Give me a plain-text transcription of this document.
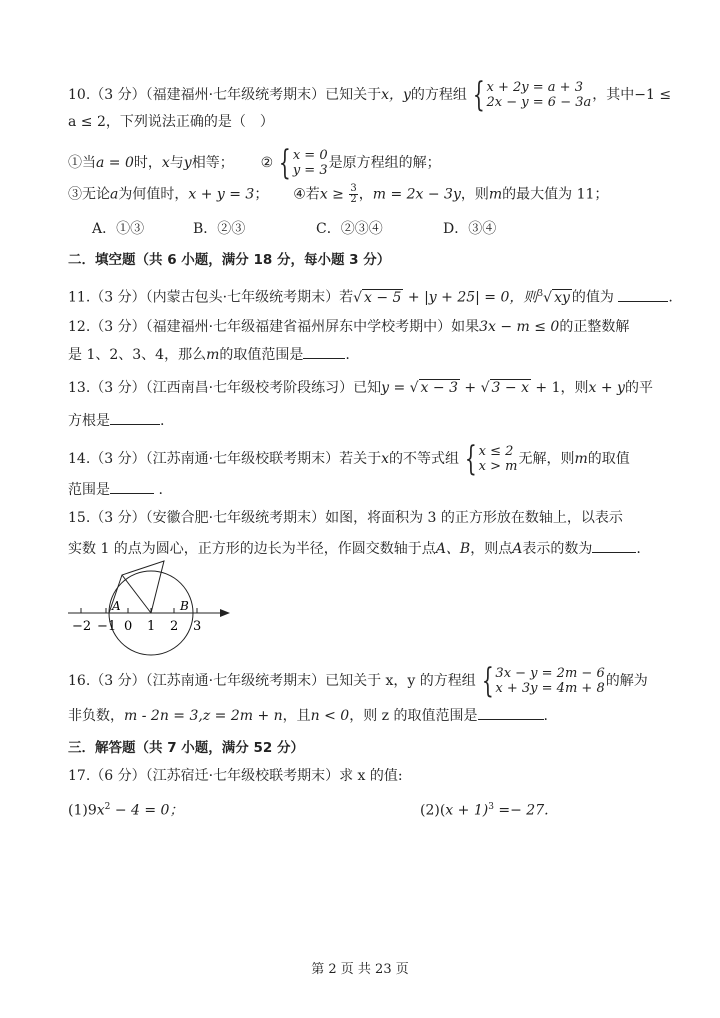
10.（3 分）（福建福州·七年级统考期末）已知关于x，y的方程组 { x + 2y = a + 3
2x − y = 6 − 3a ，其中−1 ≤
a ≤ 2，下列说法正确的是（　）
①当a = 0时，x与y相等； ② { x = 0
y = 3 是原方程组的解；
③无论a为何值时，x + y = 3； ④若$x \ge \frac{3}{2}$ ，m = 2x − 3y，则m的最大值为 11；
A．①③	B．②③	C．②③④	D．③④
二．填空题（共 6 小题，满分 18 分，每小题 3 分）
11.（3 分）（内蒙古包头·七年级统考期末）若√ x − 5 + |y + 25| = 0，则$^3$√ xy 的值为	.
12.（3 分）（福建福州·七年级福建省福州屏东中学校考期中）如果3x − m ≤ 0的正整数解
是 1、2、3、4，那么m的取值范围是	.
13.（3 分）（江西南昌·七年级校考阶段练习）已知y = √ x − 3 + √ 3 − x + 1，则x + y的平
方根是	.
14.（3 分）（江苏南通·七年级校联考期末）若关于x的不等式组 { x ≤ 2
x > m 无解，则m的取值
范围是	.
15.（3 分）（安徽合肥·七年级统考期末）如图，将面积为 3 的正方形放在数轴上，以表示
实数 1 的点为圆心，正方形的边长为半径，作圆交数轴于点A、B，则点A表示的数为	.
A	B
−2 −1 0 1 2 3
16.（3 分）（江苏南通·七年级统考期末）已知关于 x，y 的方程组 { 3x − y = 2m − 6
x + 3y = 4m + 8 的解为
非负数，m - 2n = 3,z = 2m + n，且n < 0，则 z 的取值范围是	.
三．解答题（共 7 小题，满分 52 分）
17.（6 分）（江苏宿迁·七年级校联考期末）求 x 的值:
$(1)9x^2 - 4 = 0$；	$(2)(x + 1)^3 =- 27$.
第 2 页 共 23 页
